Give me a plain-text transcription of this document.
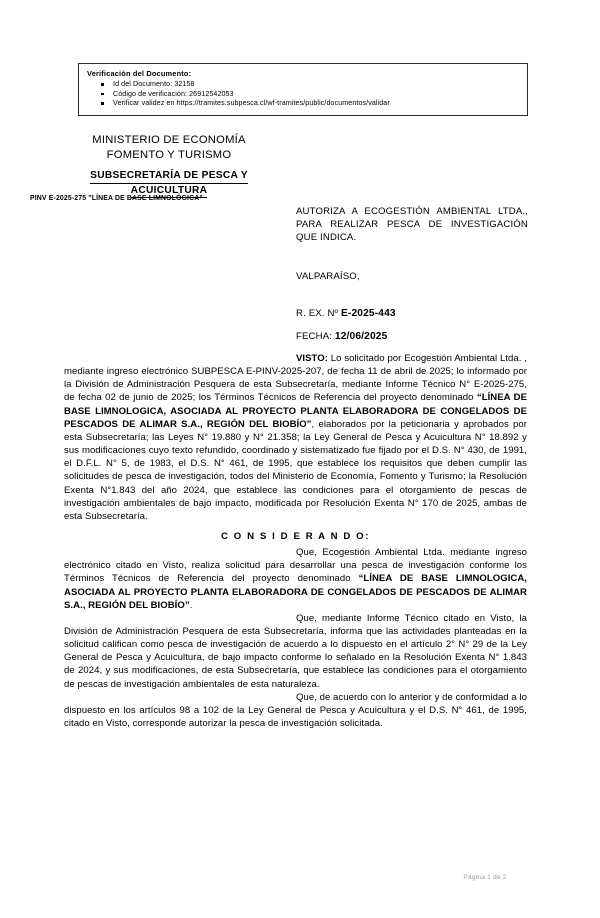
Verificación del Documento:
Id del Documento: 32158
Código de verificación: 26912542053
Verificar validez en https://tramites.subpesca.cl/wf-tramites/public/documentos/validar
MINISTERIO DE ECONOMÍA
FOMENTO Y TURISMO
SUBSECRETARÍA DE PESCA Y
ACUICULTURA
PINV E-2025-275 "LÍNEA DE BASE LIMNOLÓGICA"
AUTORIZA A ECOGESTIÓN AMBIENTAL LTDA., PARA REALIZAR PESCA DE INVESTIGACIÓN QUE INDICA.
VALPARAÍSO,
R. EX. Nº E-2025-443
FECHA: 12/06/2025

VISTO: Lo solicitado por Ecogestión Ambiental Ltda. , mediante ingreso electrónico SUBPESCA E-PINV-2025-207, de fecha 11 de abril de 2025; lo informado por la División de Administración Pesquera de esta Subsecretaría, mediante Informe Técnico N° E-2025-275, de fecha 02 de junio de 2025; los Términos Técnicos de Referencia del proyecto denominado “LÍNEA DE BASE LIMNOLOGICA, ASOCIADA AL PROYECTO PLANTA ELABORADORA DE CONGELADOS DE PESCADOS DE ALIMAR S.A., REGIÓN DEL BIOBÍO”, elaborados por la peticionaria y aprobados por esta Subsecretaría; las Leyes N° 19.880 y N° 21.358; la Ley General de Pesca y Acuicultura N° 18.892 y sus modificaciones cuyo texto refundido, coordinado y sistematizado fue fijado por el D.S. N° 430, de 1991, el D.F.L. N° 5, de 1983, el D.S. N° 461, de 1995, que establece los requisitos que deben cumplir las solicitudes de pesca de investigación, todos del Ministerio de Economía, Fomento y Turismo; la Resolución Exenta N°1.843 del año 2024, que establece las condiciones para el otorgamiento de pescas de investigación ambientales de bajo impacto, modificada por Resolución Exenta N° 170 de 2025, ambas de esta Subsecretaría.

C O N S I D E R A N D O:

Que, Ecogestión Ambiental Ltda. mediante ingreso electrónico citado en Visto, realiza solicitud para desarrollar una pesca de investigación conforme los Términos Técnicos de Referencia del proyecto denominado “LÍNEA DE BASE LIMNOLOGICA, ASOCIADA AL PROYECTO PLANTA ELABORADORA DE CONGELADOS DE PESCADOS DE ALIMAR S.A., REGIÓN DEL BIOBÍO”.

Que, mediante Informe Técnico citado en Visto, la División de Administración Pesquera de esta Subsecretaría, informa que las actividades planteadas en la solicitud califican como pesca de investigación de acuerdo a lo dispuesto en el artículo 2° N° 29 de la Ley General de Pesca y Acuicultura, de bajo impacto conforme lo señalado en la Resolución Exenta N° 1.843 de 2024, y sus modificaciones, de esta Subsecretaría, que establece las condiciones para el otorgamiento de pescas de investigación ambientales de esta naturaleza.

Que, de acuerdo con lo anterior y de conformidad a lo dispuesto en los artículos 98 a 102 de la Ley General de Pesca y Acuicultura y el D.S. N° 461, de 1995, citado en Visto, corresponde autorizar la pesca de investigación solicitada.

Página 1 de 2
